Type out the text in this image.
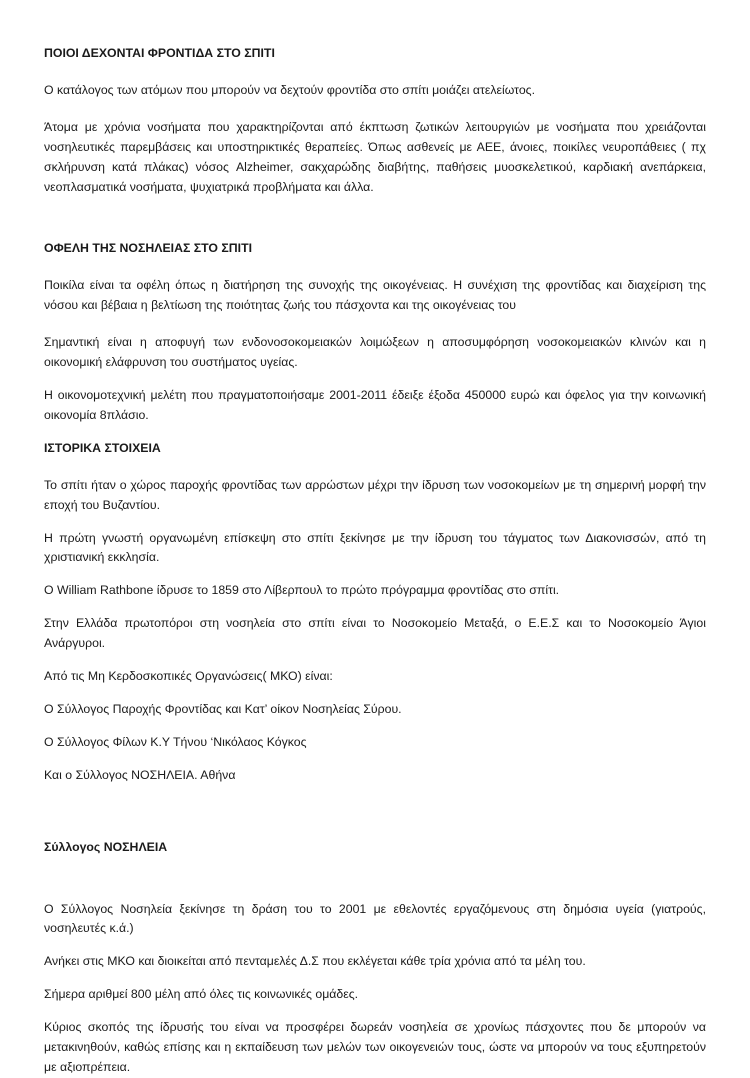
ΠΟΙΟΙ ΔΕΧΟΝΤΑΙ ΦΡΟΝΤΙΔΑ ΣΤΟ ΣΠΙΤΙ

Ο κατάλογος των ατόμων που μπορούν να δεχτούν φροντίδα στο σπίτι μοιάζει ατελείωτος.

Άτομα με χρόνια νοσήματα που χαρακτηρίζονται από έκπτωση ζωτικών λειτουργιών με νοσήματα που χρειάζονται νοσηλευτικές παρεμβάσεις και υποστηρικτικές θεραπείες. Όπως ασθενείς με ΑΕΕ, άνοιες, ποικίλες νευροπάθειες ( πχ σκλήρυνση κατά πλάκας) νόσος Alzheimer, σακχαρώδης διαβήτης, παθήσεις μυοσκελετικού, καρδιακή ανεπάρκεια, νεοπλασματικά νοσήματα, ψυχιατρικά προβλήματα και άλλα.

ΟΦΕΛΗ ΤΗΣ ΝΟΣΗΛΕΙΑΣ ΣΤΟ ΣΠΙΤΙ

Ποικίλα είναι τα οφέλη όπως η διατήρηση της συνοχής της οικογένειας. Η συνέχιση της φροντίδας και διαχείριση της νόσου και βέβαια η βελτίωση της ποιότητας ζωής του πάσχοντα και της οικογένειας του

Σημαντική είναι η αποφυγή των ενδονοσοκομειακών λοιμώξεων η αποσυμφόρηση νοσοκομειακών κλινών και η οικονομική ελάφρυνση του συστήματος υγείας.

Η οικονομοτεχνική μελέτη που πραγματοποιήσαμε 2001-2011 έδειξε έξοδα 450000 ευρώ και όφελος για την κοινωνική οικονομία 8πλάσιο.

ΙΣΤΟΡΙΚΑ ΣΤΟΙΧΕΙΑ

Το σπίτι ήταν ο χώρος παροχής φροντίδας των αρρώστων μέχρι την ίδρυση των νοσοκομείων με τη σημερινή μορφή την εποχή του Βυζαντίου.

Η πρώτη γνωστή οργανωμένη επίσκεψη στο σπίτι ξεκίνησε με την ίδρυση του τάγματος των Διακονισσών, από τη χριστιανική εκκλησία.

Ο William Rathbone ίδρυσε το 1859 στο Λίβερπουλ το πρώτο πρόγραμμα φροντίδας στο σπίτι.

Στην Ελλάδα πρωτοπόροι στη νοσηλεία στο σπίτι είναι το Νοσοκομείο Μεταξά, ο Ε.Ε.Σ και το Νοσοκομείο Άγιοι Ανάργυροι.

Από τις Μη Κερδοσκοπικές Οργανώσεις( ΜΚΟ) είναι:

Ο Σύλλογος Παροχής Φροντίδας και Κατ’ οίκον Νοσηλείας Σύρου.

Ο Σύλλογος Φίλων Κ.Υ Τήνου ‘Νικόλαος Κόγκος

Και ο Σύλλογος ΝΟΣΗΛΕΙΑ. Αθήνα

Σύλλογος ΝΟΣΗΛΕΙΑ

Ο Σύλλογος Νοσηλεία ξεκίνησε τη δράση του το 2001 με εθελοντές εργαζόμενους στη δημόσια υγεία (γιατρούς, νοσηλευτές κ.ά.)

Ανήκει στις ΜΚΟ και διοικείται από πενταμελές Δ.Σ που εκλέγεται κάθε τρία χρόνια από τα μέλη του.

Σήμερα αριθμεί 800 μέλη από όλες τις κοινωνικές ομάδες.

Κύριος σκοπός της ίδρυσής του είναι να προσφέρει δωρεάν νοσηλεία σε χρονίως πάσχοντες που δε μπορούν να μετακινηθούν, καθώς επίσης και η εκπαίδευση των μελών των οικογενειών τους, ώστε να μπορούν να τους εξυπηρετούν με αξιοπρέπεια.
